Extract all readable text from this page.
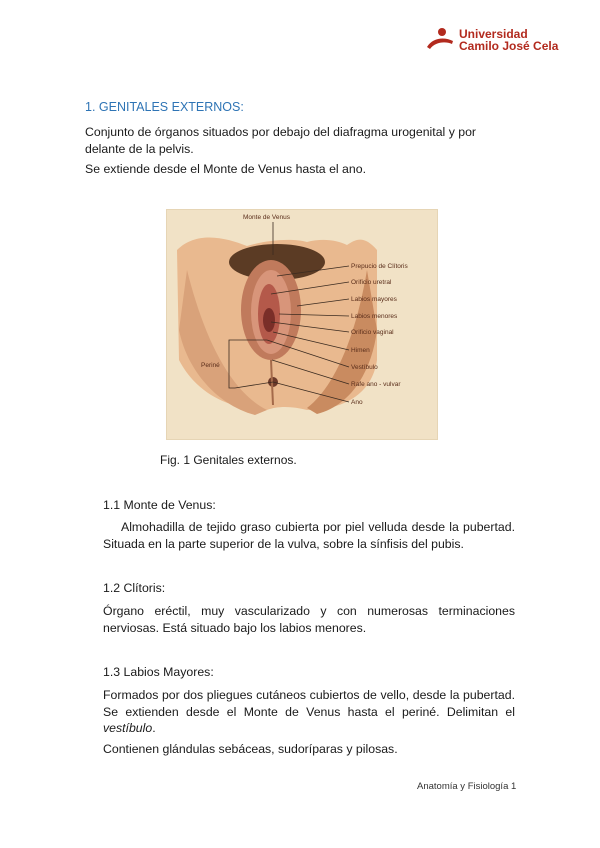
Universidad
Camilo José Cela
1. GENITALES EXTERNOS:
Conjunto de órganos situados por debajo del diafragma urogenital y por delante de la pelvis.
Se extiende desde el Monte de Venus hasta el ano.
Monte de Venus
Periné
Prepucio de Clítoris
Orificio uretral
Labios mayores
Labios menores
Orificio vaginal
Himen
Vestíbulo
Rafe ano - vulvar
Ano
Fig. 1 Genitales externos.
1.1 Monte de Venus:
Almohadilla de tejido graso cubierta por piel velluda desde la pubertad. Situada en la parte superior de la vulva, sobre la sínfisis del pubis.
1.2 Clítoris:
Órgano eréctil, muy vascularizado y con numerosas terminaciones nerviosas. Está situado bajo los labios menores.
1.3 Labios Mayores:
Formados por dos pliegues cutáneos cubiertos de vello, desde la pubertad. Se extienden desde el Monte de Venus hasta el periné. Delimitan el vestíbulo.
Contienen glándulas sebáceas, sudoríparas y pilosas.
Anatomía y Fisiología 1
